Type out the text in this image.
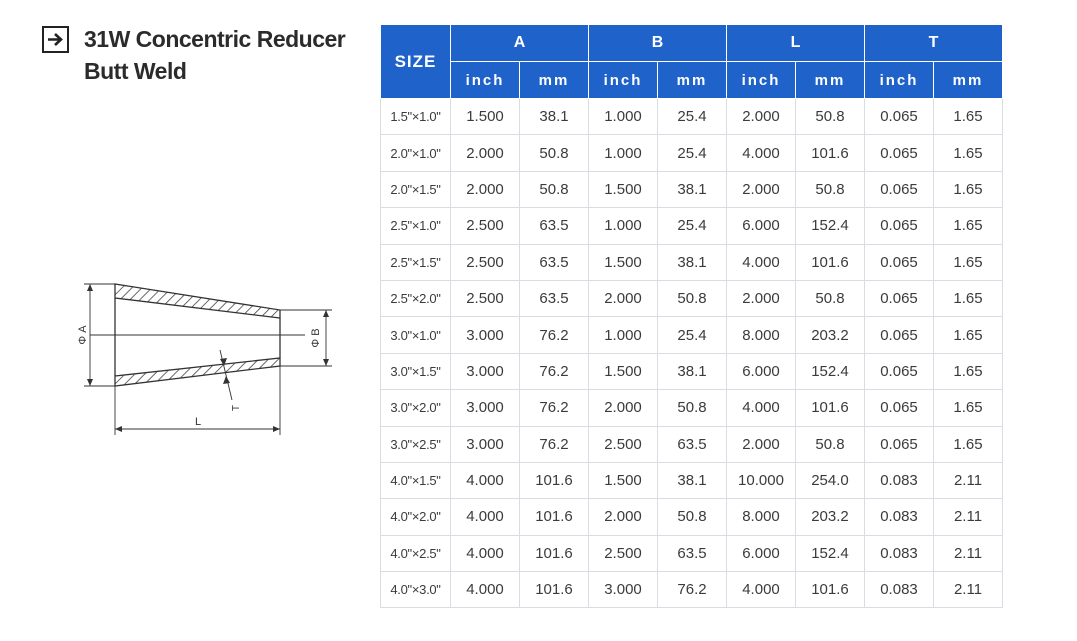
31W Concentric Reducer
Butt Weld
Φ A	Φ B
L
T
SIZE	A		B		L		T	
	inch	mm	inch	mm	inch	mm	inch	mm
1.5"×1.0"	1.500	38.1	1.000	25.4	2.000	50.8	0.065	1.65
2.0"×1.0"	2.000	50.8	1.000	25.4	4.000	101.6	0.065	1.65
2.0"×1.5"	2.000	50.8	1.500	38.1	2.000	50.8	0.065	1.65
2.5"×1.0"	2.500	63.5	1.000	25.4	6.000	152.4	0.065	1.65
2.5"×1.5"	2.500	63.5	1.500	38.1	4.000	101.6	0.065	1.65
2.5"×2.0"	2.500	63.5	2.000	50.8	2.000	50.8	0.065	1.65
3.0"×1.0"	3.000	76.2	1.000	25.4	8.000	203.2	0.065	1.65
3.0"×1.5"	3.000	76.2	1.500	38.1	6.000	152.4	0.065	1.65
3.0"×2.0"	3.000	76.2	2.000	50.8	4.000	101.6	0.065	1.65
3.0"×2.5"	3.000	76.2	2.500	63.5	2.000	50.8	0.065	1.65
4.0"×1.5"	4.000	101.6	1.500	38.1	10.000	254.0	0.083	2.11
4.0"×2.0"	4.000	101.6	2.000	50.8	8.000	203.2	0.083	2.11
4.0"×2.5"	4.000	101.6	2.500	63.5	6.000	152.4	0.083	2.11
4.0"×3.0"	4.000	101.6	3.000	76.2	4.000	101.6	0.083	2.11
